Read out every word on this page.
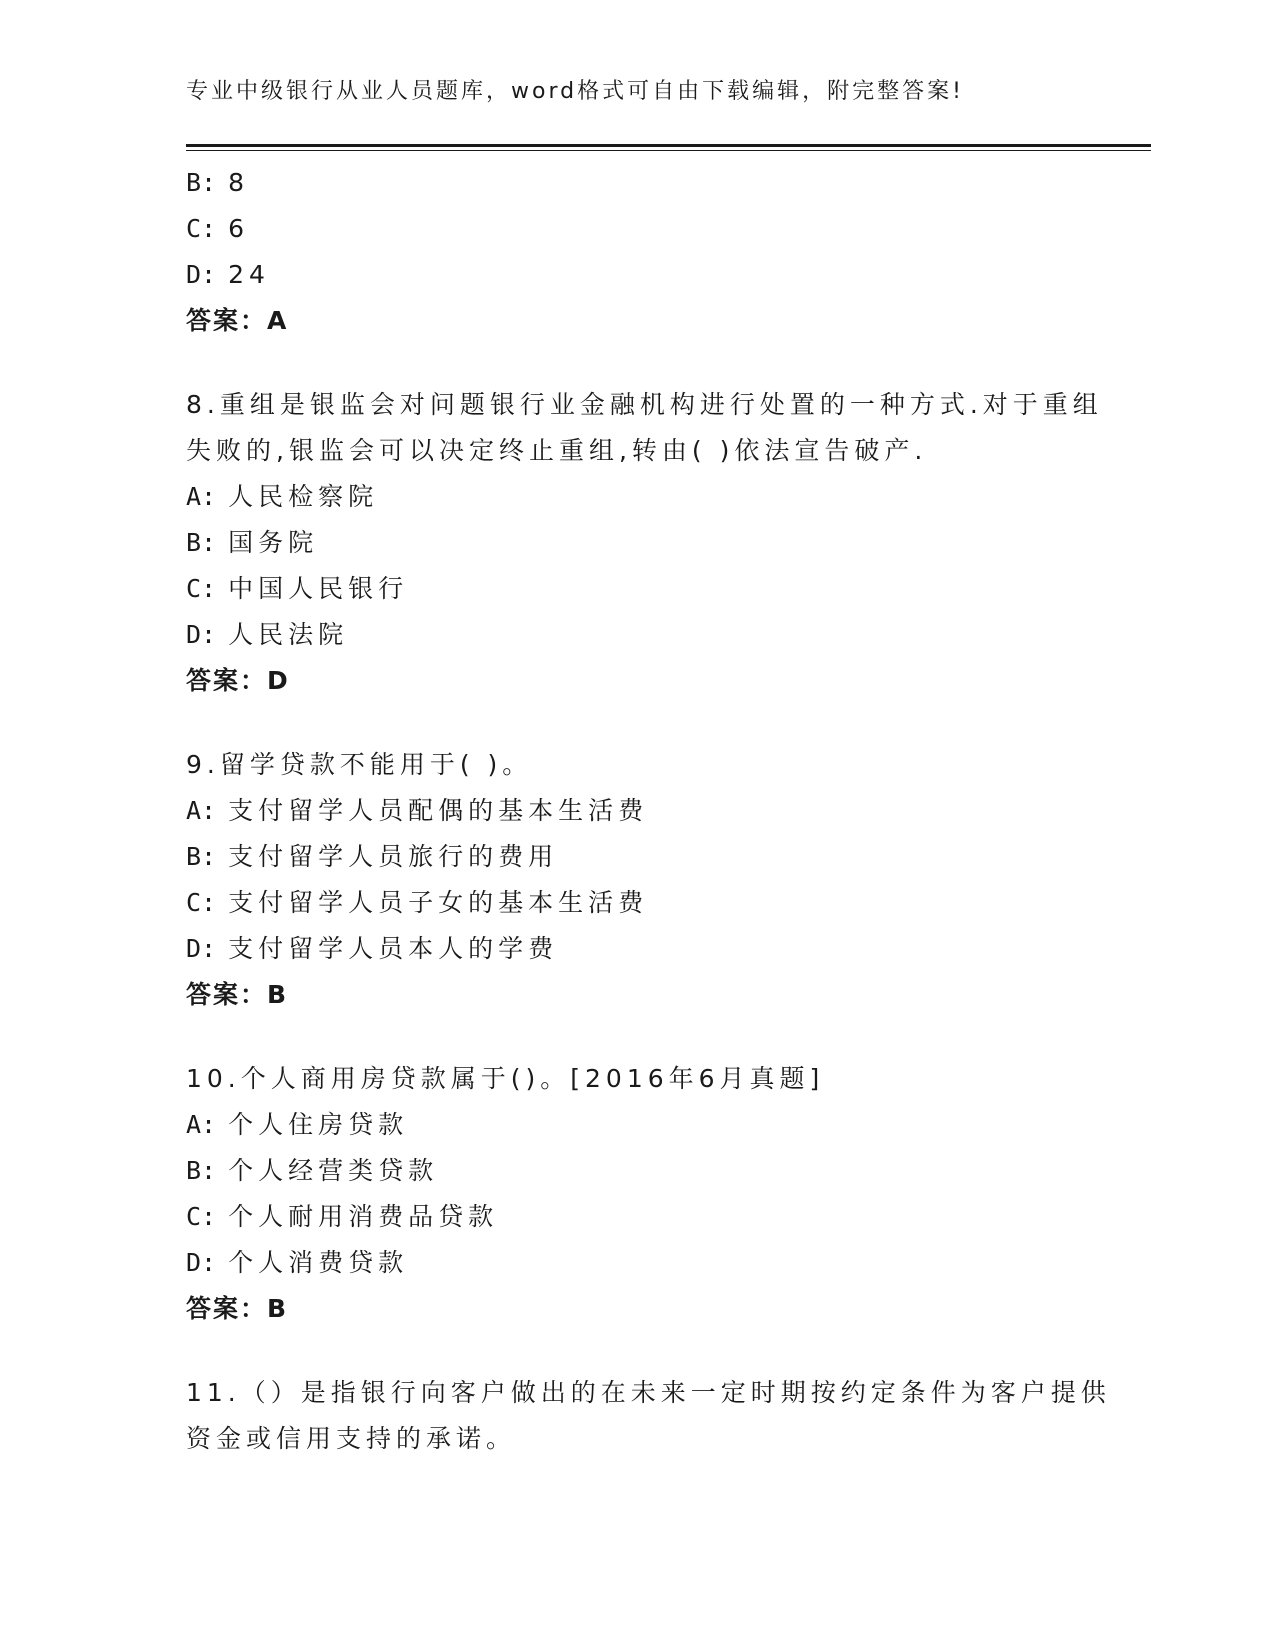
专业中级银行从业人员题库，word格式可自由下载编辑，附完整答案!
B: 8
C: 6
D: 24
答案：A
8.重组是银监会对问题银行业金融机构进行处置的一种方式.对于重组
失败的,银监会可以决定终止重组,转由( )依法宣告破产.
A: 人民检察院
B: 国务院
C: 中国人民银行
D: 人民法院
答案：D
9.留学贷款不能用于( )。
A: 支付留学人员配偶的基本生活费
B: 支付留学人员旅行的费用
C: 支付留学人员子女的基本生活费
D: 支付留学人员本人的学费
答案：B
10.个人商用房贷款属于()。[2016年6月真题]
A: 个人住房贷款
B: 个人经营类贷款
C: 个人耐用消费品贷款
D: 个人消费贷款
答案：B
11.（）是指银行向客户做出的在未来一定时期按约定条件为客户提供
资金或信用支持的承诺。
